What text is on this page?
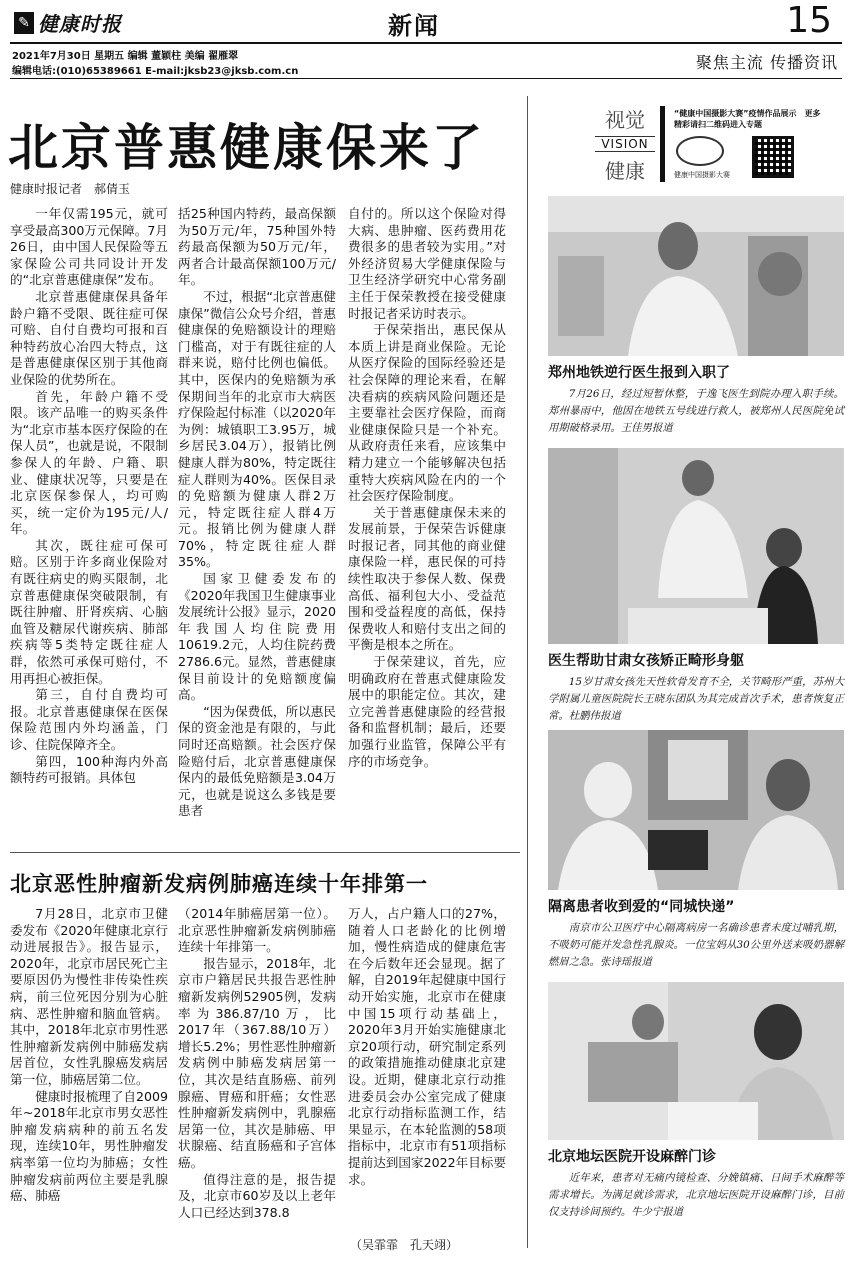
✎ 健康时报	新闻	15
2021年7月30日 星期五 编辑 董颖柱 美编 翟雁翠
编辑电话:(010)65389661 E-mail:jksb23@jksb.com.cn	聚焦主流 传播资讯
北京普惠健康保来了
健康时报记者　郝倩玉

一年仅需195元，就可享受最高300万元保障。7月26日，由中国人民保险等五家保险公司共同设计开发的“北京普惠健康保”发布。

北京普惠健康保具备年龄户籍不受限、既往症可保可赔、自付自费均可报和百种特药放心冶四大特点，这是普惠健康保区别于其他商业保险的优势所在。

首先，年龄户籍不受限。该产品唯一的购买条件为“北京市基本医疗保险的在保人员”，也就是说，不限制参保人的年龄、户籍、职业、健康状况等，只要是在北京医保参保人，均可购买，统一定价为195元/人/年。

其次，既往症可保可赔。区别于许多商业保险对有既往病史的购买限制，北京普惠健康保突破限制，有既往肿瘤、肝肾疾病、心脑血管及糖尿代谢疾病、肺部疾病等5类特定既往症人群，依然可承保可赔付，不用再担心被拒保。

第三，自付自费均可报。北京普惠健康保在医保保险范围内外均涵盖，门诊、住院保障齐全。

第四，100种海内外高额特药可报销。具体包

括25种国内特药，最高保额为50万元/年，75种国外特药最高保额为50万元/年，两者合计最高保额100万元/年。

不过，根据“北京普惠健康保”微信公众号介绍，普惠健康保的免赔额设计的理赔门槛高，对于有既往症的人群来说，赔付比例也偏低。其中，医保内的免赔额为承保期间当年的北京市大病医疗保险起付标准（以2020年为例：城镇职工3.95万，城乡居民3.04万），报销比例健康人群为80%，特定既往症人群则为40%。医保目录的免赔额为健康人群2万元，特定既往症人群4万元。报销比例为健康人群70%，特定既往症人群35%。

国家卫健委发布的《2020年我国卫生健康事业发展统计公报》显示，2020年我国人均住院费用10619.2元，人均住院药费2786.6元。显然，普惠健康保目前设计的免赔额度偏高。

“因为保费低，所以惠民保的资金池是有限的，与此同时还高赔额。社会医疗保险赔付后，北京普惠健康保保内的最低免赔额是3.04万元，也就是说这么多钱是要患者

自付的。所以这个保险对得大病、患肿瘤、医药费用花费很多的患者较为实用。”对外经济贸易大学健康保险与卫生经济学研究中心常务副主任于保荣教授在接受健康时报记者采访时表示。

于保荣指出，惠民保从本质上讲是商业保险。无论从医疗保险的国际经验还是社会保障的理论来看，在解决看病的疾病风险问题还是主要靠社会医疗保险，而商业健康保险只是一个补充。从政府责任来看，应该集中精力建立一个能够解决包括重特大疾病风险在内的一个社会医疗保险制度。

关于普惠健康保未来的发展前景，于保荣告诉健康时报记者，同其他的商业健康保险一样，惠民保的可持续性取决于参保人数、保费高低、福利包大小、受益范围和受益程度的高低，保持保费收人和赔付支出之间的平衡是根本之所在。

于保荣建议，首先，应明确政府在普惠式健康险发展中的职能定位。其次，建立完善普惠健康险的经营报备和监督机制；最后，还要加强行业监管，保障公平有序的市场竞争。

北京恶性肿瘤新发病例肺癌连续十年排第一

7月28日，北京市卫健委发布《2020年健康北京行动进展报告》。报告显示，2020年，北京市居民死亡主要原因仍为慢性非传染性疾病，前三位死因分别为心脏病、恶性肿瘤和脑血管病。其中，2018年北京市男性恶性肿瘤新发病例中肺癌发病居首位，女性乳腺癌发病居第一位，肺癌居第二位。

健康时报梳理了自2009年~2018年北京市男女恶性肿瘤发病病种的前五名发现，连续10年，男性肿瘤发病率第一位均为肺癌；女性肿瘤发病前两位主要是乳腺癌、肺癌

（2014年肺癌居第一位）。北京恶性肿瘤新发病例肺癌连续十年排第一。

报告显示，2018年，北京市户籍居民共报告恶性肿瘤新发病例52905例，发病率为386.87/10万，比2017年（367.88/10万）增长5.2%；男性恶性肿瘤新发病例中肺癌发病居第一位，其次是结直肠癌、前列腺癌、胃癌和肝癌；女性恶性肿瘤新发病例中，乳腺癌居第一位，其次是肺癌、甲状腺癌、结直肠癌和子宫体癌。

值得注意的是，报告提及，北京市60岁及以上老年人口已经达到378.8

万人，占户籍人口的27%，随着人口老龄化的比例增加，慢性病造成的健康危害在今后数年还会显现。据了解，自2019年起健康中国行动开始实施，北京市在健康中国15项行动基础上，2020年3月开始实施健康北京20项行动，研究制定系列的政策措施推动健康北京建设。近期，健康北京行动推进委员会办公室完成了健康北京行动指标监测工作，结果显示，在本轮监测的58项指标中，北京市有51项指标提前达到国家2022年目标要求。

（吴霏霏　孔天翊）
视觉
VISION
健康
“健康中国摄影大赛”疫情作品展示　更多精彩请扫二维码进入专题
健康中国摄影大赛
郑州地铁逆行医生报到入职了
7月26日，经过短暂休整，于逸飞医生到院办理入职手续。郑州暴雨中，他因在地铁五号线进行救人，被郑州人民医院免试用期破格录用。王佳男报道
医生帮助甘肃女孩矫正畸形身躯
15岁甘肃女孩先天性软骨发育不全，关节畸形严重，苏州大学附属儿童医院院长王晓东团队为其完成首次手术，患者恢复正常。杜鹏伟报道
隔离患者收到爱的“同城快递”
南京市公卫医疗中心隔离病房一名确诊患者未度过哺乳期，不吸奶可能并发急性乳腺炎。一位宝妈从30公里外送来吸奶器解燃眉之急。张诗瑶报道
北京地坛医院开设麻醉门诊
近年来，患者对无痛内镜检查、分娩镇痛、日间手术麻醉等需求增长。为满足就诊需求，北京地坛医院开设麻醉门诊，目前仅支持诊间预约。牛少宁报道
